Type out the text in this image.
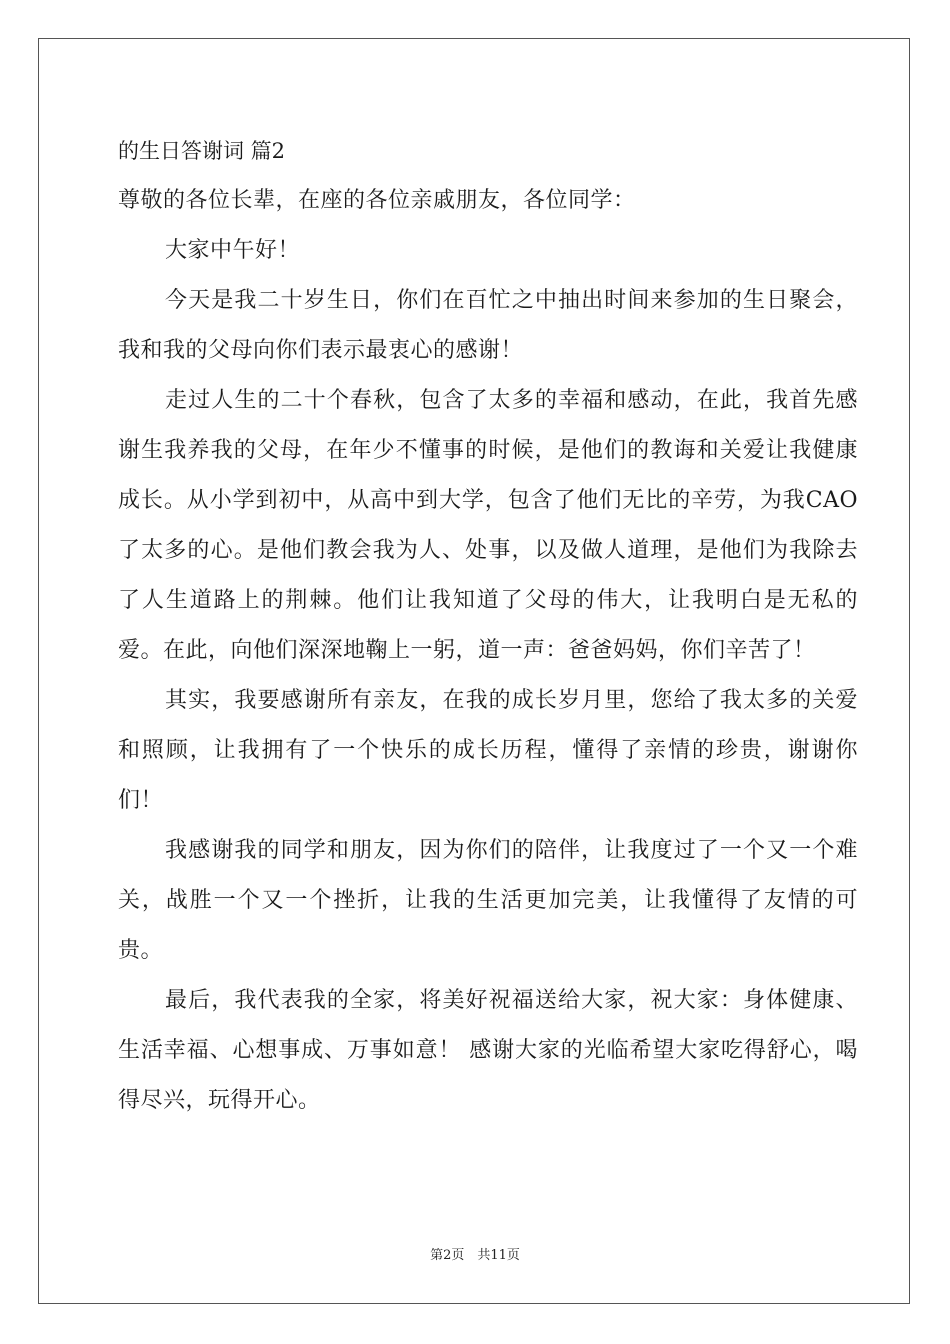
的生日答谢词 篇2

尊敬的各位长辈，在座的各位亲戚朋友，各位同学：

大家中午好！

今天是我二十岁生日，你们在百忙之中抽出时间来参加的生日聚会，我和我的父母向你们表示最衷心的感谢！

走过人生的二十个春秋，包含了太多的幸福和感动，在此，我首先感谢生我养我的父母，在年少不懂事的时候，是他们的教诲和关爱让我健康成长。从小学到初中，从高中到大学，包含了他们无比的辛劳，为我CAO了太多的心。是他们教会我为人、处事，以及做人道理，是他们为我除去了人生道路上的荆棘。他们让我知道了父母的伟大，让我明白是无私的爱。在此，向他们深深地鞠上一躬，道一声：爸爸妈妈，你们辛苦了！

其实，我要感谢所有亲友，在我的成长岁月里，您给了我太多的关爱和照顾，让我拥有了一个快乐的成长历程，懂得了亲情的珍贵，谢谢你们！

我感谢我的同学和朋友，因为你们的陪伴，让我度过了一个又一个难关，战胜一个又一个挫折，让我的生活更加完美，让我懂得了友情的可贵。

最后，我代表我的全家，将美好祝福送给大家，祝大家：身体健康、生活幸福、心想事成、万事如意！ 感谢大家的光临希望大家吃得舒心，喝得尽兴，玩得开心。

第2页　共11页
